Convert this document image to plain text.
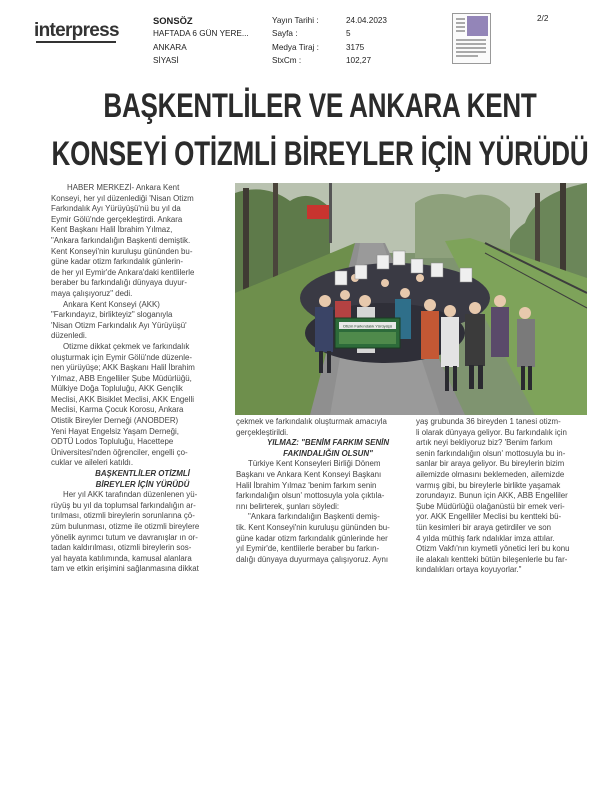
interpress	SONSÖZ
HAFTADA 6 GÜN YERE...
ANKARA
SİYASİ
Yayın Tarihi :
Sayfa :
Medya Tiraj :
StxCm :
24.04.2023
5
3175
102,27
2/2
BAŞKENTLİLER VE ANKARA KENT
KONSEYİ OTİZMLİ BİREYLER İÇİN YÜRÜDÜ
HABER MERKEZİ- Ankara Kent
Konseyi, her yıl düzenlediği 'Nisan Otizm
Farkındalık Ayı Yürüyüşü'nü bu yıl da
Eymir Gölü'nde gerçekleştirdi. Ankara
Kent Başkanı Halil İbrahim Yılmaz,
"Ankara farkındalığın Başkenti demiştik.
Kent Konseyi'nin kuruluşu gününden bu-
güne kadar otizm farkındalık günlerin-
de her yıl Eymir'de Ankara'daki kentlilerle
beraber bu farkındalığı dünyaya duyur-
maya çalışıyoruz" dedi.
Ankara Kent Konseyi (AKK)
"Farkındayız, birlikteyiz" sloganıyla
'Nisan Otizm Farkındalık Ayı Yürüyüşü'
düzenledi.
Otizme dikkat çekmek ve farkındalık
oluşturmak için Eymir Gölü'nde düzenle-
nen yürüyüşe; AKK Başkanı Halil İbrahim
Yılmaz, ABB Engelliler Şube Müdürlüğü,
Mülkiye Doğa Topluluğu, AKK Gençlik
Meclisi, AKK Bisiklet Meclisi, AKK Engelli
Meclisi, Karma Çocuk Korosu, Ankara
Otistik Bireyler Derneği (ANOBDER)
Yeni Hayat Engelsiz Yaşam Derneği,
ODTÜ Lodos Topluluğu, Hacettepe
Üniversitesi'nden öğrenciler, engelli ço-
cuklar ve aileleri katıldı.
BAŞKENTLİLER OTİZMLİ
BİREYLER İÇİN YÜRÜDÜ
Her yıl AKK tarafından düzenlenen yü-
rüyüş bu yıl da toplumsal farkındalığın ar-
tırılması, otizmli bireylerin sorunlarına çö-
züm bulunması, otizme ile otizmli bireylere
yönelik ayrımcı tutum ve davranışlar ın or-
tadan kaldırılması, otizmli bireylerin sos-
yal hayata katılımında, kamusal alanlara
tam ve etkin erişimini sağlanmasına dikkat
Otizm Farkındalık Yürüyüşü
çekmek ve farkındalık oluşturmak amacıyla
gerçekleştirildi.
YILMAZ: "BENİM FARKIM SENİN
FAKINDALIĞIN OLSUN"
Türkiye Kent Konseyleri Birliği Dönem
Başkanı ve Ankara Kent Konseyi Başkanı
Halil İbrahim Yılmaz 'benim farkım senin
farkındalığın olsun' mottosuyla yola çıktıla-
rını belirterek, şunları söyledi:
"Ankara farkındalığın Başkenti demiş-
tik. Kent Konseyi'nin kuruluşu gününden bu-
güne kadar otizm farkındalık günlerinde her
yıl Eymir'de, kentlilerle beraber bu farkın-
dalığı dünyaya duyurmaya çalışıyoruz. Aynı
yaş grubunda 36 bireyden 1 tanesi otizm-
li olarak dünyaya geliyor. Bu farkındalık için
artık neyi bekliyoruz biz? 'Benim farkım
senin farkındalığın olsun' mottosuyla bu in-
sanlar bir araya geliyor. Bu bireylerin bizim
ailemizde olmasını beklemeden, ailemizde
varmış gibi, bu bireylerle birlikte yaşamak
zorundayız. Bunun için AKK, ABB Engelliler
Şube Müdürlüğü olağanüstü bir emek veri-
yor. AKK Engelliler Meclisi bu kentteki bü-
tün kesimleri bir araya getirdiler ve son
4 yılda müthiş fark ndalıklar imza attılar.
Otizm Vakfı'nın kıymetli yönetici leri bu konu
ile alakalı kentteki bütün bileşenlerle bu far-
kındalıkları ortaya koyuyorlar."
